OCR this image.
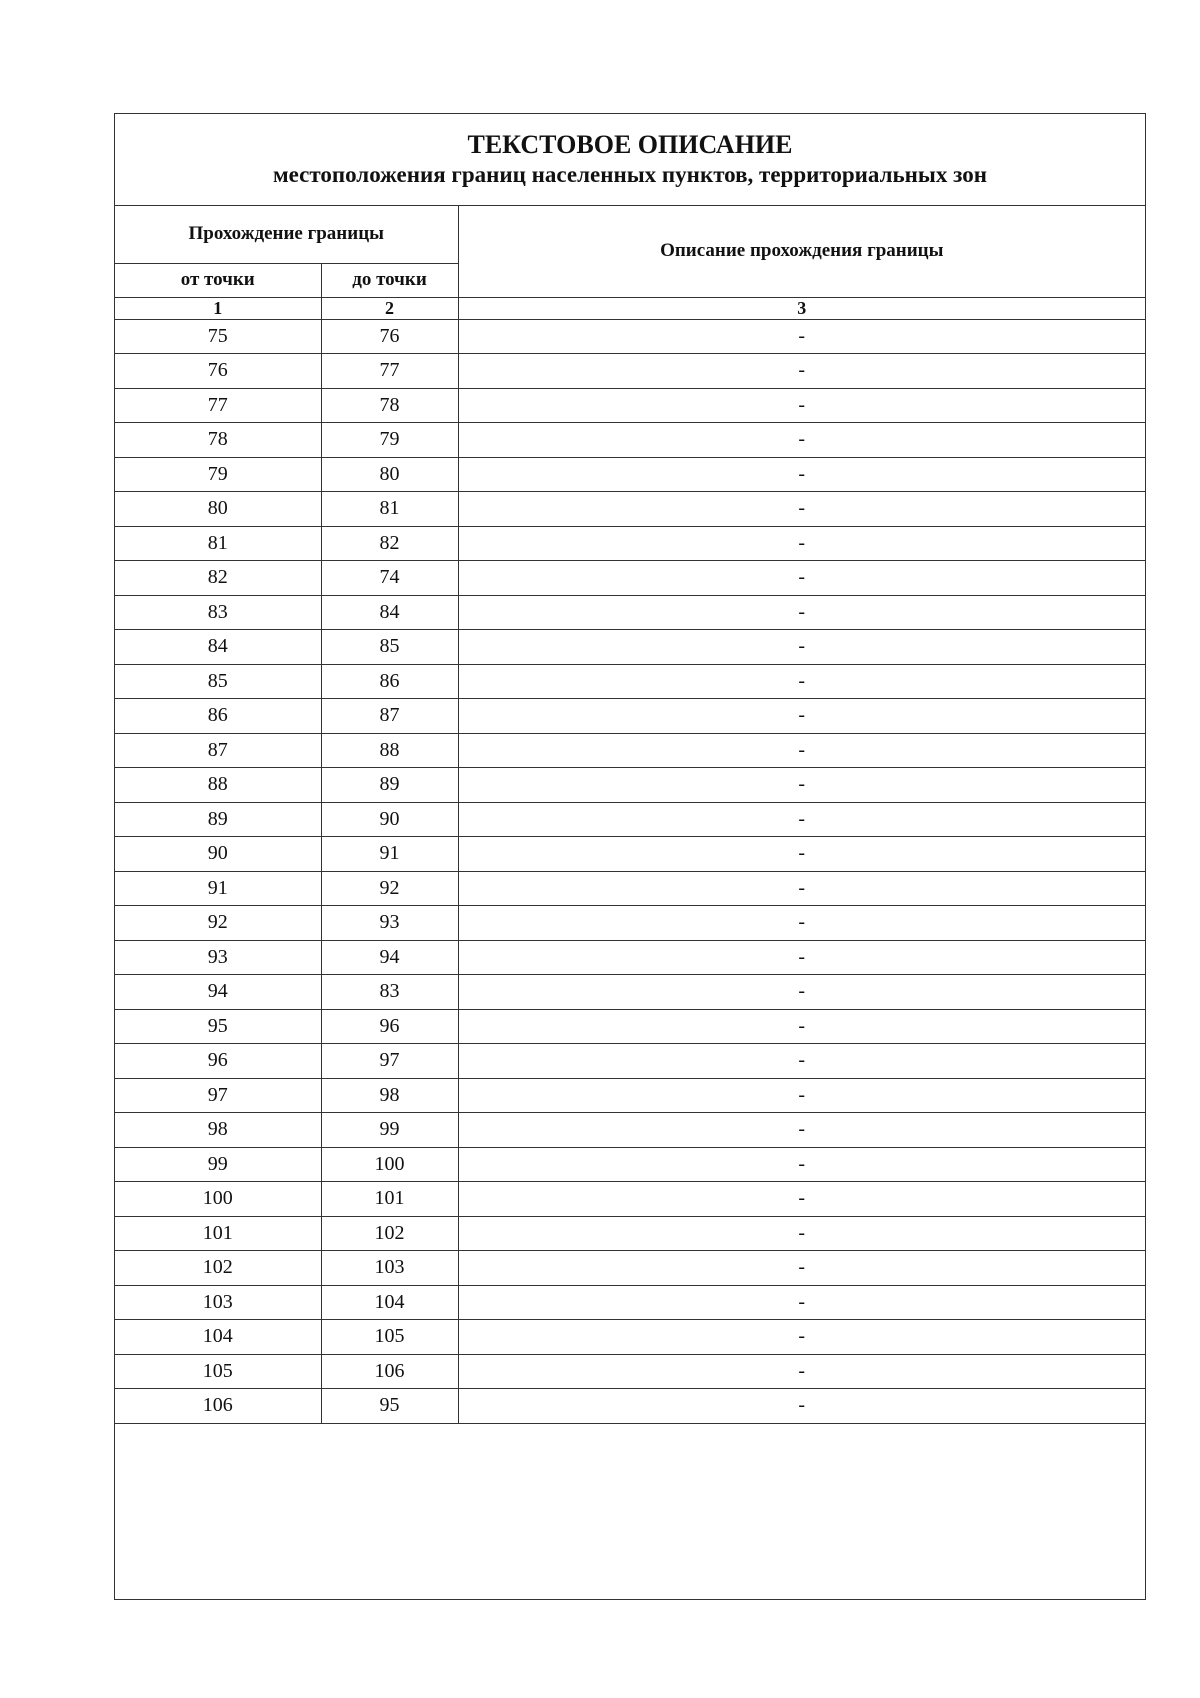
ТЕКСТОВОЕ ОПИСАНИЕ
местоположения границ населенных пунктов, территориальных зон
Прохождение границы		Описание прохождения границы
от точки	до точки	
1	2	3
75	76	-
76	77	-
77	78	-
78	79	-
79	80	-
80	81	-
81	82	-
82	74	-
83	84	-
84	85	-
85	86	-
86	87	-
87	88	-
88	89	-
89	90	-
90	91	-
91	92	-
92	93	-
93	94	-
94	83	-
95	96	-
96	97	-
97	98	-
98	99	-
99	100	-
100	101	-
101	102	-
102	103	-
103	104	-
104	105	-
105	106	-
106	95	-
